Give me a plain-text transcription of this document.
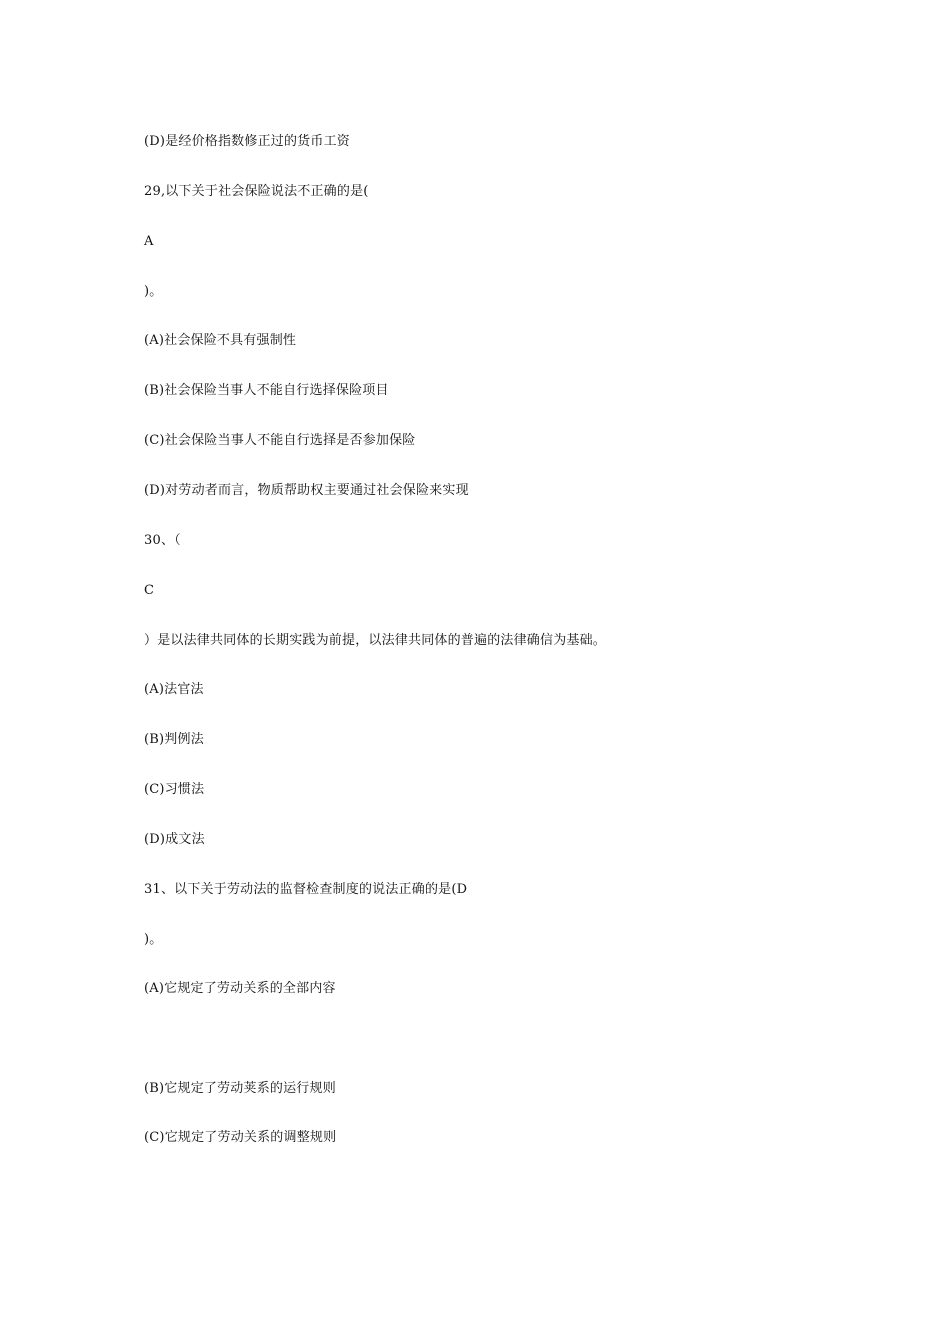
(D)是经价格指数修正过的货币工资
29,以下关于社会保险说法不正确的是(
A
)。
(A)社会保险不具有强制性
(B)社会保险当事人不能自行选择保险项目
(C)社会保险当事人不能自行选择是否参加保险
(D)对劳动者而言，物质帮助权主要通过社会保险来实现
30、（
C
）是以法律共同体的长期实践为前提，以法律共同体的普遍的法律确信为基础。
(A)法官法
(B)判例法
(C)习惯法
(D)成文法
31、以下关于劳动法的监督检查制度的说法正确的是(D
)。
(A)它规定了劳动关系的全部内容
(B)它规定了劳动荚系的运行规则
(C)它规定了劳动关系的调整规则
